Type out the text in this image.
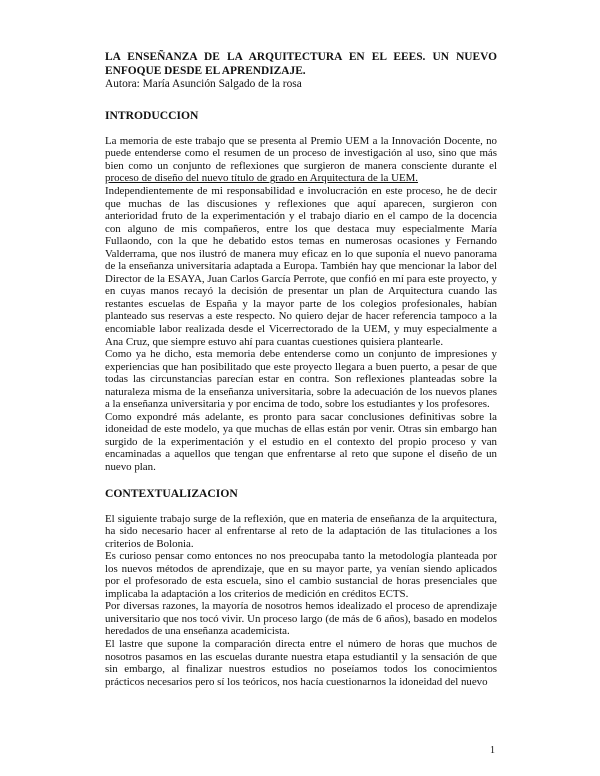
LA ENSEÑANZA DE LA ARQUITECTURA EN EL EEES. UN NUEVO ENFOQUE DESDE EL APRENDIZAJE.

Autora: María Asunción Salgado de la rosa

INTRODUCCION

La memoria de este trabajo que se presenta al Premio UEM a la Innovación Docente, no puede entenderse como el resumen de un proceso de investigación al uso, sino que más bien como un conjunto de reflexiones que surgieron de manera consciente durante el proceso de diseño del nuevo título de grado en Arquitectura de la UEM.

Independientemente de mi responsabilidad e involucración en este proceso, he de decir que muchas de las discusiones y reflexiones que aquí aparecen, surgieron con anterioridad fruto de la experimentación y el trabajo diario en el campo de la docencia con alguno de mis compañeros, entre los que destaca muy especialmente María Fullaondo, con la que he debatido estos temas en numerosas ocasiones y Fernando Valderrama, que nos ilustró de manera muy eficaz en lo que suponía el nuevo panorama de la enseñanza universitaria adaptada a Europa. También hay que mencionar la labor del Director de la ESAYA, Juan Carlos García Perrote, que confió en mí para este proyecto, y en cuyas manos recayó la decisión de presentar un plan de Arquitectura cuando las restantes escuelas de España y la mayor parte de los colegios profesionales, habían planteado sus reservas a este respecto. No quiero dejar de hacer referencia tampoco a la encomiable labor realizada desde el Vicerrectorado de la UEM, y muy especialmente a Ana Cruz, que siempre estuvo ahí para cuantas cuestiones quisiera plantearle.

Como ya he dicho, esta memoria debe entenderse como un conjunto de impresiones y experiencias que han posibilitado que este proyecto llegara a buen puerto, a pesar de que todas las circunstancias parecían estar en contra. Son reflexiones planteadas sobre la naturaleza misma de la enseñanza universitaria, sobre la adecuación de los nuevos planes a la enseñanza universitaria y por encima de todo, sobre los estudiantes y los profesores.

Como expondré más adelante, es pronto para sacar conclusiones definitivas sobre la idoneidad de este modelo, ya que muchas de ellas están por venir. Otras sin embargo han surgido de la experimentación y el estudio en el contexto del propio proceso y van encaminadas a aquellos que tengan que enfrentarse al reto que supone el diseño de un nuevo plan.

CONTEXTUALIZACION

El siguiente trabajo surge de la reflexión, que en materia de enseñanza de la arquitectura, ha sido necesario hacer al enfrentarse al reto de la adaptación de las titulaciones a los criterios de Bolonia.

Es curioso pensar como entonces no nos preocupaba tanto la metodología planteada por los nuevos métodos de aprendizaje, que en su mayor parte, ya venían siendo aplicados por el profesorado de esta escuela, sino el cambio sustancial de horas presenciales que implicaba la adaptación a los criterios de medición en créditos ECTS.

Por diversas razones, la mayoría de nosotros hemos idealizado el proceso de aprendizaje universitario que nos tocó vivir. Un proceso largo (de más de 6 años), basado en modelos heredados de una enseñanza academicista.

El lastre que supone la comparación directa entre el número de horas que muchos de nosotros pasamos en las escuelas durante nuestra etapa estudiantil y la sensación de que sin embargo, al finalizar nuestros estudios no poseíamos todos los conocimientos prácticos necesarios pero sí los teóricos, nos hacía cuestionarnos la idoneidad del nuevo

1
